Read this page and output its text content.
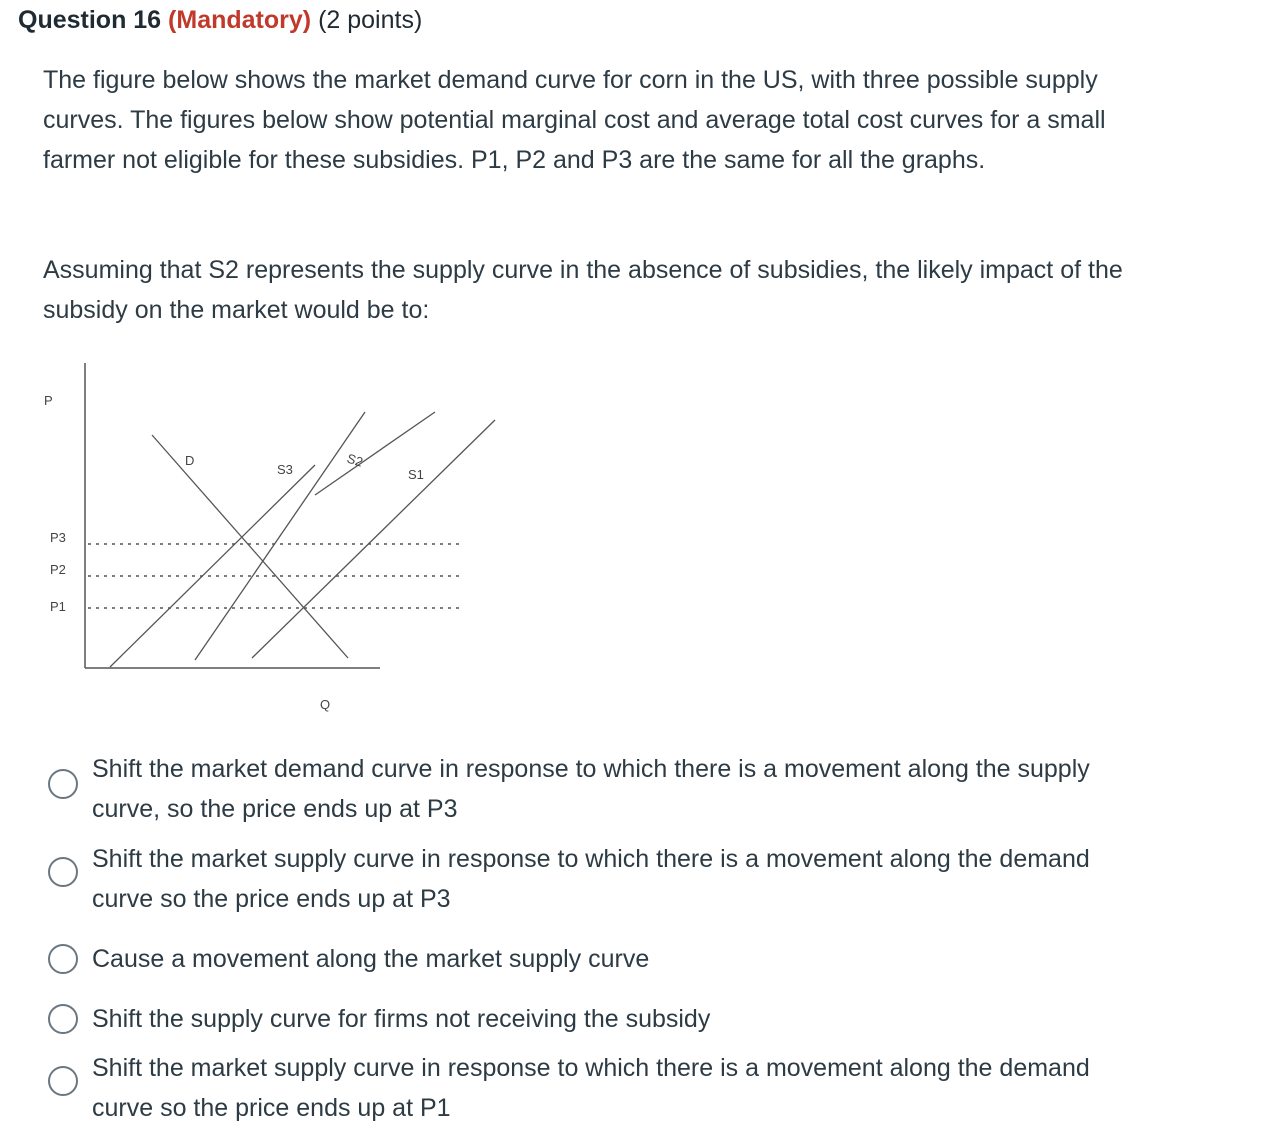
Question 16 (Mandatory) (2 points)
The figure below shows the market demand curve for corn in the US, with three possible supply curves. The figures below show potential marginal cost and average total cost curves for a small farmer not eligible for these subsidies. P1, P2 and P3 are the same for all the graphs.
Assuming that S2 represents the supply curve in the absence of subsidies, the likely impact of the subsidy on the market would be to:
P
Q
P3
P2
P1
D
S3	S2
S1
Shift the market demand curve in response to which there is a movement along the supply curve, so the price ends up at P3
Shift the market supply curve in response to which there is a movement along the demand curve so the price ends up at P3
Cause a movement along the market supply curve
Shift the supply curve for firms not receiving the subsidy
Shift the market supply curve in response to which there is a movement along the demand curve so the price ends up at P1
